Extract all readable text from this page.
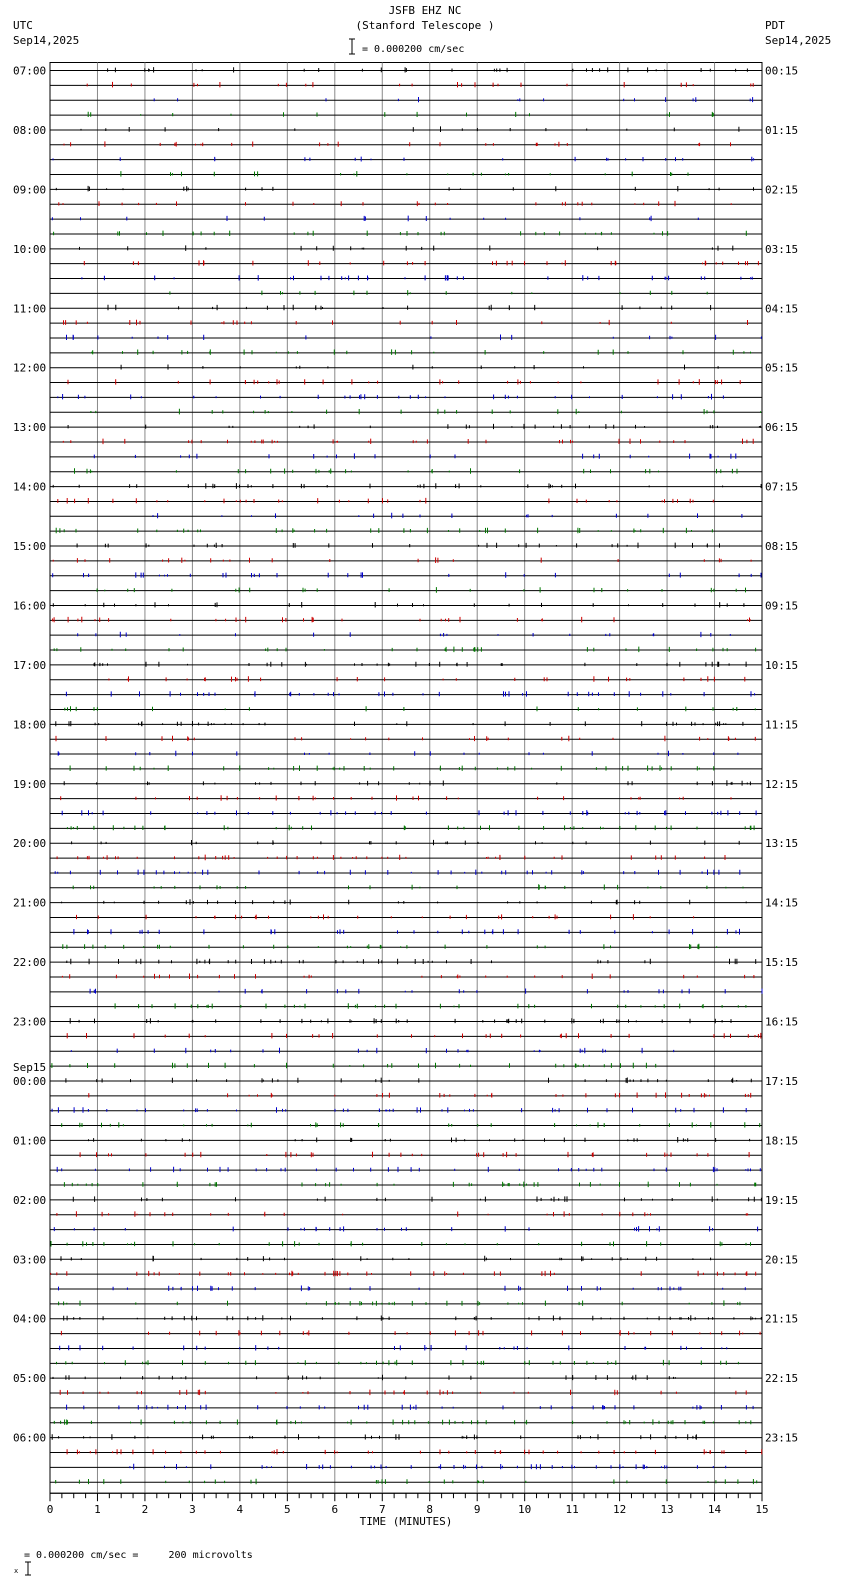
JSFB EHZ NC
(Stanford Telescope )
UTC
Sep14,2025
PDT
Sep14,2025
= 0.000200 cm/sec
0	1	2	3	4	5	6	7	8	9	10	11	12	13	14	15
07:00
08:00
09:00
10:00
11:00
12:00
13:00
14:00
15:00
16:00
17:00
18:00
19:00
20:00
21:00
22:00
23:00
00:00
Sep15
01:00
02:00
03:00
04:00
05:00
06:00
00:15
01:15
02:15
03:15
04:15
05:15
06:15
07:15
08:15
09:15
10:15
11:15
12:15
13:15
14:15
15:15
16:15
17:15
18:15
19:15
20:15
21:15
22:15
23:15
TIME (MINUTES)

x

= 0.000200 cm/sec =     200 microvolts
